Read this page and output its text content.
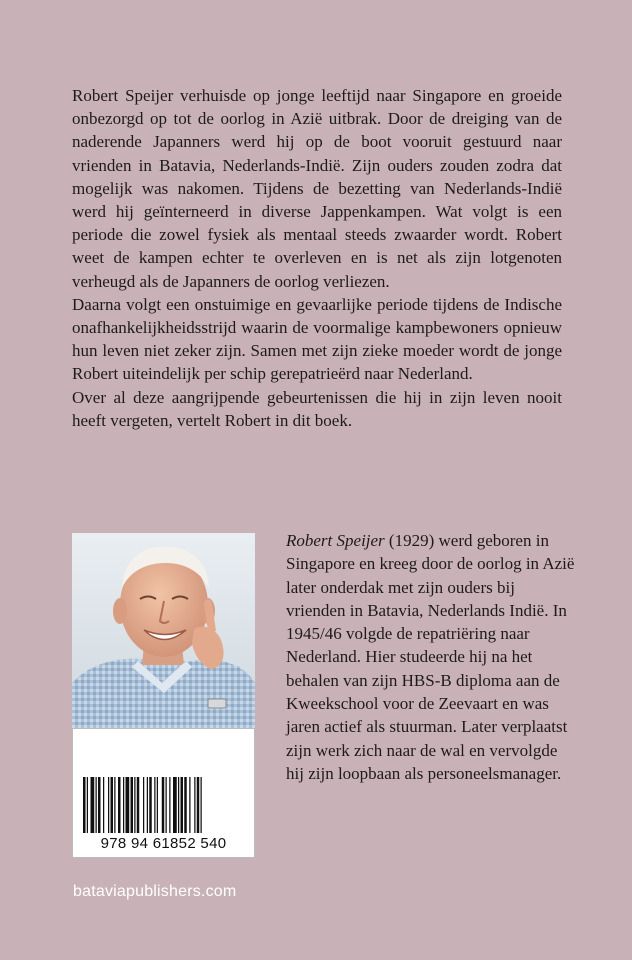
Robert Speijer verhuisde op jonge leeftijd naar Singapore en groeide onbezorgd op tot de oorlog in Azië uitbrak. Door de dreiging van de naderende Japanners werd hij op de boot vooruit gestuurd naar vrienden in Batavia, Nederlands-Indië. Zijn ouders zouden zodra dat mogelijk was nakomen. Tijdens de bezetting van Nederlands-Indië werd hij geïnterneerd in diverse Jappenkampen. Wat volgt is een periode die zowel fysiek als mentaal steeds zwaarder wordt. Robert weet de kampen echter te overleven en is net als zijn lotgenoten verheugd als de Japanners de oorlog verliezen.

Daarna volgt een onstuimige en gevaarlijke periode tijdens de Indische onafhankelijkheidsstrijd waarin de voormalige kampbewoners opnieuw hun leven niet zeker zijn. Samen met zijn zieke moeder wordt de jonge Robert uiteindelijk per schip gerepatrieërd naar Nederland.

Over al deze aangrijpende gebeurtenissen die hij in zijn leven nooit heeft vergeten, vertelt Robert in dit boek.

978 94 61852 540
Robert Speijer (1929) werd geboren in Singapore en kreeg door de oorlog in Azië later onderdak met zijn ouders bij vrienden in Batavia, Nederlands Indië. In 1945/46 volgde de repatriëring naar Nederland. Hier studeerde hij na het behalen van zijn HBS-B diploma aan de Kweekschool voor de Zeevaart en was jaren actief als stuurman. Later verplaatst zijn werk zich naar de wal en vervolgde hij zijn loopbaan als personeelsmanager.
bataviapublishers.com
